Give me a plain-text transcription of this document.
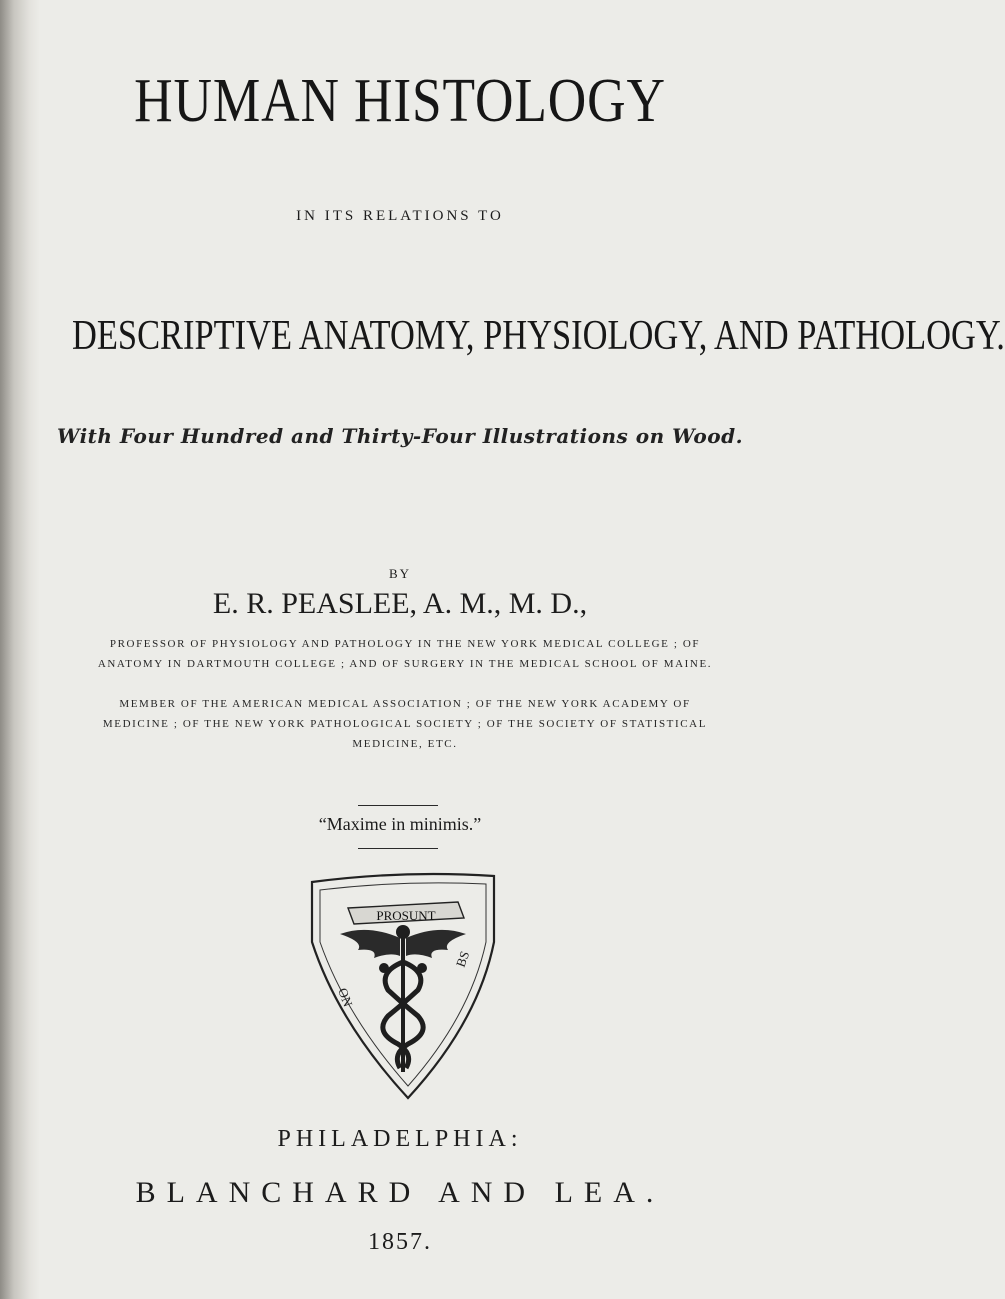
HUMAN HISTOLOGY
IN ITS RELATIONS TO
DESCRIPTIVE ANATOMY, PHYSIOLOGY, AND PATHOLOGY.
With Four Hundred and Thirty-Four Illustrations on Wood.
BY
E. R. PEASLEE, A. M., M. D.,
PROFESSOR OF PHYSIOLOGY AND PATHOLOGY IN THE NEW YORK MEDICAL COLLEGE ; OF ANATOMY IN DARTMOUTH COLLEGE ; AND OF SURGERY IN THE MEDICAL SCHOOL OF MAINE.
MEMBER OF THE AMERICAN MEDICAL ASSOCIATION ; OF THE NEW YORK ACADEMY OF MEDICINE ; OF THE NEW YORK PATHOLOGICAL SOCIETY ; OF THE SOCIETY OF STATISTICAL MEDICINE, ETC.
“Maxime in minimis.”
PROSUNT
ON
BS
PHILADELPHIA:
BLANCHARD AND LEA.
1857.
